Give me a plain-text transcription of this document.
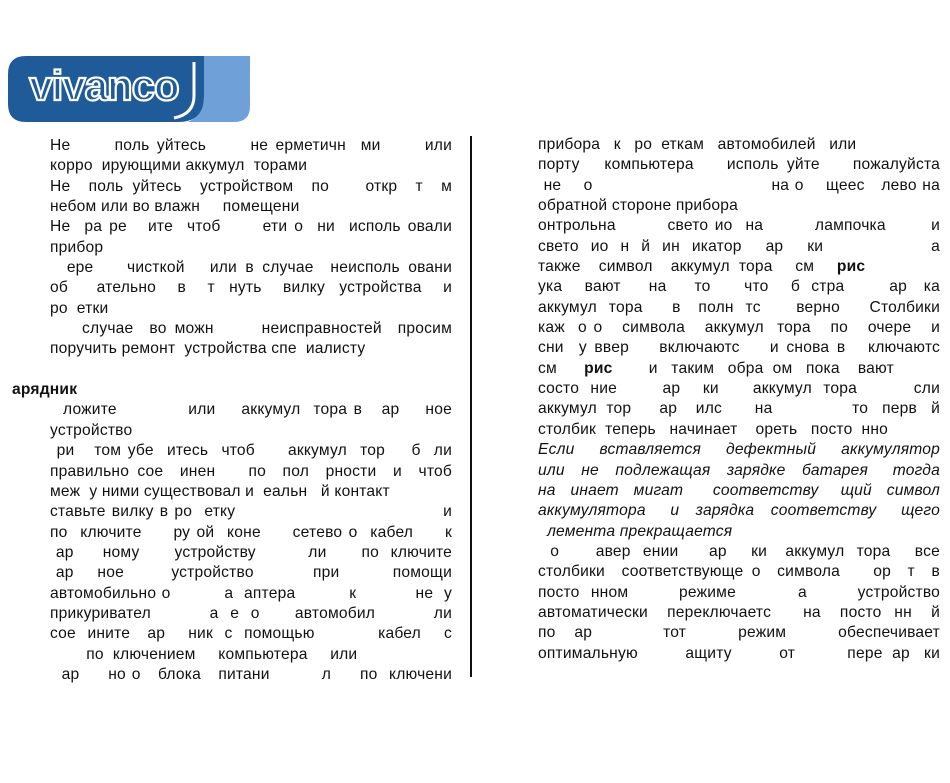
vivanco
Не      поль уйтесь      не ерметичн  ми      или
корро  ирующими аккумул  торами
Не  поль уйтесь  устройством  по    откр  т  м
небом или во влажн     помещени
Не  ра ре   ите  чтоб      ети о  ни  исполь овали
прибор
ере    чисткой   или в случае  неисполь овани
об    ательно   в   т  нуть   вилку  устройства   и
ро  етки
случае  во можн      неисправностей  просим
поручить ремонт  устройства спе  иалисту
арядник
ложите           или    аккумул  тора в   ар    ное
устройство
ри   том убе  итесь  чтоб     аккумул  тор    б  ли
правильно сое  инен    по  пол  рности  и  чтоб
меж  у ними существовал и  еальн   й контакт
ставьте вилку в ро  етку                                  и
по  ключите     ру ой  коне     сетево о  кабел     к
ар     ному      устройству         ли      по  ключите
ар    ное        устройство          при         помощи
автомобильно о          а  аптера          к           не  у
прикуривател          а  е  о      автомобил          ли
сое  ините   ар    ник  с  помощью           кабел    с
по  ключением     компьютера     или
ар     но о   блока   питани         л     по  ключени
прибора   к   ро  еткам   автомобилей   или
порту   компьютера    исполь уйте    пожалуйста
не    о                                на о    щеес   лево на
обратной стороне прибора
онтрольна        свето ио  на        лампочка       и
свето  ио  н  й  ин  икатор    ар    ки                  а
также    символ    аккумул  тора     см     рис
ука    вают     на     то      что    б  стра        ар   ка
аккумул  тора     в   полн  тс      верно     Столбики
каж  о о   символа   аккумул  тора   по   очере   и
сни  у ввер    включаютс    и снова в   ключаютс
см      рис        и   таким   обра  ом   пока    вают
состо  ние        ар    ки      аккумул  тора          сли
аккумул  тор      ар    илс       на                 то   перв   й
столбик  теперь   начинает    ореть   посто  нно
Если  вставляется  дефектный  аккумулятор
или  не  подлежащая  зарядке  батарея   тогда
на  инает  мигат    соответству   щий  символ
аккумулятора   и  зарядка  соответству   щего
лемента прекращается
о      авер  ении     ар    ки   аккумул  тора    все
столбики  соответствующе о  символа    ор  т  в
посто  нном         режиме           а         устройство
автоматически   переключаетс     на   посто  нн   й
по    ар               тот           режим           обеспечивает
оптимальную          ащиту          от           пере  ар   ки
